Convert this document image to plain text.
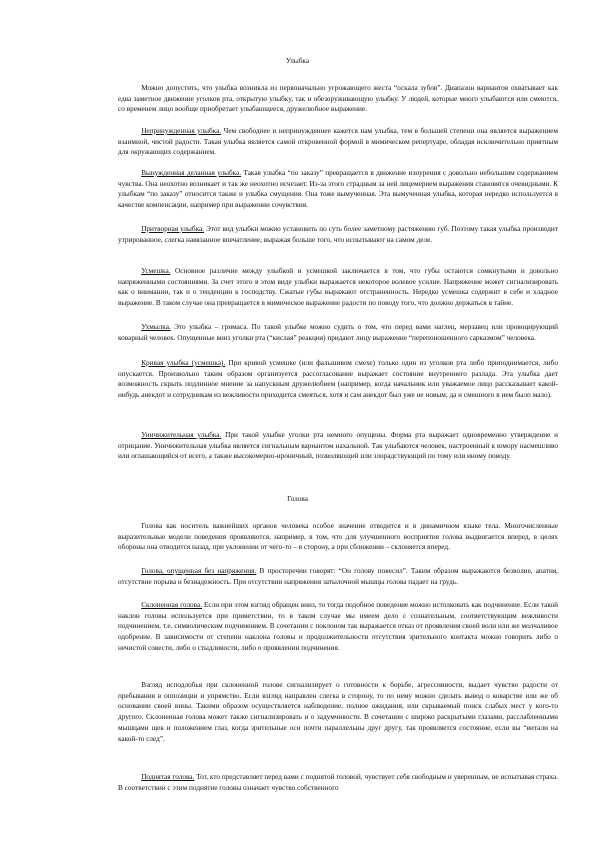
Улыбка

Можно допустить, что улыбка возникла из первоначально угрожающего жеста “оскала зубов”. Диапазон вариантов охватывает как едва заметное движение уголков рта, открытую улыбку, так и обезоруживающую улыбку. У людей, которые много улыбаются или смеются, со временем лицо вообще приобретает улыбающееся, дружелюбное выражение.

Непринужденная улыбка. Чем свободнее и непринужденнее кажется нам улыбка, тем в большей степени она является выражением взаимной, чистой радости. Такая улыбка является самой откровенной формой в мимическом репертуаре, обладая исключительно приятным для окружающих содержанием.

Вынужденная деланная улыбка. Такая улыбка “по заказу” превращается в движение изнурения с довольно небольшим содержанием чувства. Она неохотно возникает и так же неохотно исчезает. Из-за этого страдным за ней лицемерием выражения становятся очевидными. К улыбкам “по заказу” относится также и улыбка смущения. Она тоже вымученная. Эта вымученная улыбка, которая нередко используется в качестве компенсации, например при выражении сочувствия.

Притворная улыбка. Этот вид улыбки можно установить по суть более заметному растяжению губ. Поэтому такая улыбка производит утрированное, слегка навязанное впечатление, выражая больше того, что испытывают на самом деле.

Усмешка. Основное различие между улыбкой и усмешкой заключается в том, что губы остаются сомкнутыми и довольно напряженными состояниями. За счет этого в этом виде улыбки выражается некоторое волевое усилие. Напряжение может сигнализировать как о внимании, так и о тенденции к господству. Сжатые губы выражают отстраненность. Нередко усмешка содержит в себе и хладное выражение. В таком случае она превращается в мимическое выражение радости по поводу того, что должно держаться в тайне.

Ухмылка. Это улыбка – гримаса. По такой улыбке можно судить о том, что перед вами наглец, мерзавец или провоцирующий коварный человек. Опущенные вниз уголки рта (“кислая” реакция) придают лицу выражение “перепоношенного сарказмом” человека.

Кривая улыбка (усмешка). При кривой усмешке (или фальшивом смехе) только один из уголков рта либо приподнимается, либо опускается. Произвольно таким образом организуется рассогласование выражает состояние внутреннего разлада. Эта улыбка дает возможность скрыть подлинное мнение за напускным дружелюбием (например, когда начальник или уважаемое лицо рассказывает какой-нибудь анекдот и сотрудникам из вежливости приходится смеяться, хотя и сам анекдот был уже не новым, да и смешного в нем было мало).

Уничижительная улыбка. При такой улыбке уголки рта немного опущены. Форма рта выражает одновременно утверждение и отрицание. Уничижительная улыбка является сигнальным вариантом нахальной. Так улыбаются человек, настроенный к юмору насмешливо или оглашающийся от всего, а также высокомерно-ироничный, позволяющий или злорадствующий по тому или иному поводу.

Голова

Голова как носитель важнейших органов человека особое значение отводится и в динамичном языке тела. Многочисленные выразительные модели поведения проявляются, например, в том, что для улучшенного восприятия голова выдвигается вперед, в целях обороны она отводится назад, при уклонении от чего-то – в сторону, а при сближении – склоняется вперед.

Голова, опущенная без напряжения. В просторечии говорят: “Он голову повесил”. Таким образом выражаются безволие, апатия, отсутствие порыва и безнадежность. При отсутствии напряжения затылочной мышцы голова падает на грудь.

Склоненная голова. Если при этом взгляд обращен вниз, то тогда подобное поведение можно истолковать как подчинение. Если такой наклон головы используется при приветствии, то в таком случае мы имеем дело с сознательным, соответствующим вежливости подчинением, т.е. символическим подчинением. В сочетании с поклоном так выражается отказ от проявления своей воли или же молчаливое одобрение. В зависимости от степени наклона головы и продолжительности отсутствия зрительного контакта можно говорить либо о нечистой совести, либо о стыдливости, либо о проявлении подчинения.

Взгляд исподлобья при склоненной голове сигнализирует о готовности к борьбе, агрессивности, выдает чувство радости от пребывания в оппозиции и упрямство. Если взгляд направлен слегка в сторону, то по нему можно сделать вывод о коварстве или же об основании своей вины. Такими образом осуществляется наблюдение, полное ожидания, или скрываемый поиск слабых мест у кого-то другого. Склоненная голова может также сигнализировать и о задумчивости. В сочетании с широко раскрытыми глазами, расслабленными мышцами щек и положением глаз, когда зрительные оси почти параллельны друг другу, так проявляется состояние, если вы “витали на какой-то след”.

Поднятая голова. Тот, кто представляет перед вами с поднятой головой, чувствует себя свободным и уверенным, не испытывая страха. В соответствии с этим поднятие головы означает чувство собственного
